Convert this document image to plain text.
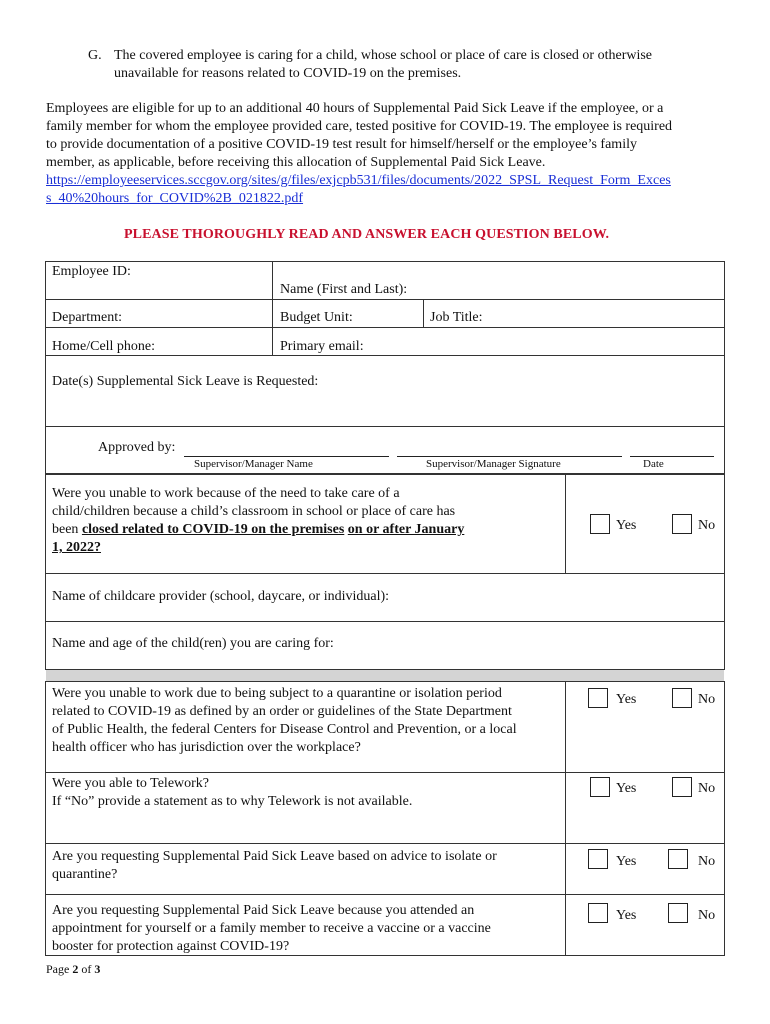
G. The covered employee is caring for a child, whose school or place of care is closed or otherwise
unavailable for reasons related to COVID-19 on the premises.
Employees are eligible for up to an additional 40 hours of Supplemental Paid Sick Leave if the employee, or a
family member for whom the employee provided care, tested positive for COVID-19. The employee is required
to provide documentation of a positive COVID-19 test result for himself/herself or the employee’s family
member, as applicable, before receiving this allocation of Supplemental Paid Sick Leave.
https://employeeservices.sccgov.org/sites/g/files/exjcpb531/files/documents/2022_SPSL_Request_Form_Exces
s_40%20hours_for_COVID%2B_021822.pdf
PLEASE THOROUGHLY READ AND ANSWER EACH QUESTION BELOW.
Employee ID:
Name (First and Last):
Department:	Budget Unit:	Job Title:
Home/Cell phone:	Primary email:
Date(s) Supplemental Sick Leave is Requested:
Approved by:
Supervisor/Manager Name	Supervisor/Manager Signature	Date
Were you unable to work because of the need to take care of a
child/children because a child’s classroom in school or place of care has
been closed related to COVID-19 on the premises on or after January
1, 2022?
Yes	No
Name of childcare provider (school, daycare, or individual):
Name and age of the child(ren) you are caring for:
Were you unable to work due to being subject to a quarantine or isolation period
related to COVID-19 as defined by an order or guidelines of the State Department
of Public Health, the federal Centers for Disease Control and Prevention, or a local
health officer who has jurisdiction over the workplace?
Yes	No
Were you able to Telework?
If “No” provide a statement as to why Telework is not available.
Yes	No
Are you requesting Supplemental Paid Sick Leave based on advice to isolate or
quarantine?
Yes	No
Are you requesting Supplemental Paid Sick Leave because you attended an
appointment for yourself or a family member to receive a vaccine or a vaccine
booster for protection against COVID-19?
Yes	No
Page 2 of 3
